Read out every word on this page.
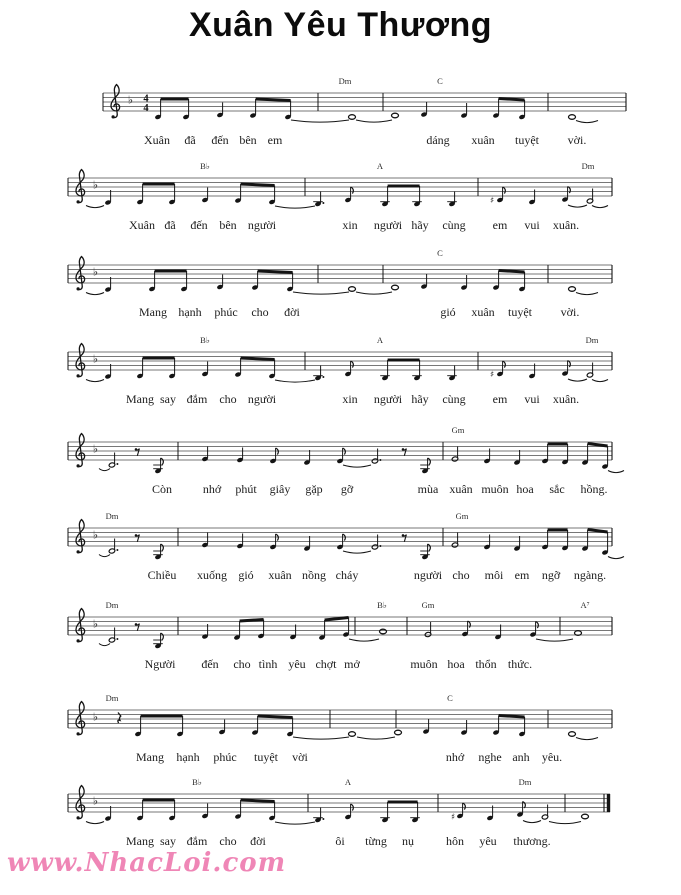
Xuân Yêu Thương
♭ 4
4
Dm	C
Xuân đã đến bên em	dáng xuân tuyệt vời.
♭
♯
B♭	A	Dm
Xuân đã đến bên người	xin người hãy cùng em vui xuân.
♭
C
Mang hạnh phúc cho đời	gió xuân tuyệt vời.
♭
♯
B♭	A	Dm
Mang say đắm cho người	xin người hãy cùng em vui xuân.
♭
Gm
Còn	nhớ phút giây gặp gỡ	mùa xuân muôn hoa sắc hồng.
♭
Dm	Gm
Chiều xuống gió xuân nồng cháy	người cho môi em ngỡ ngàng.
♭
Dm	B♭	Gm	A⁷
Người đến cho tình yêu chợt mở	muôn hoa thổn thức.
♭
Dm	C
Mang hạnh phúc tuyệt vời	nhớ nghe anh yêu.
♭
♯
B♭	A	Dm
Mang say đắm cho đời	ôi từng nụ	hôn yêu thương.
www.NhacLoi.com
